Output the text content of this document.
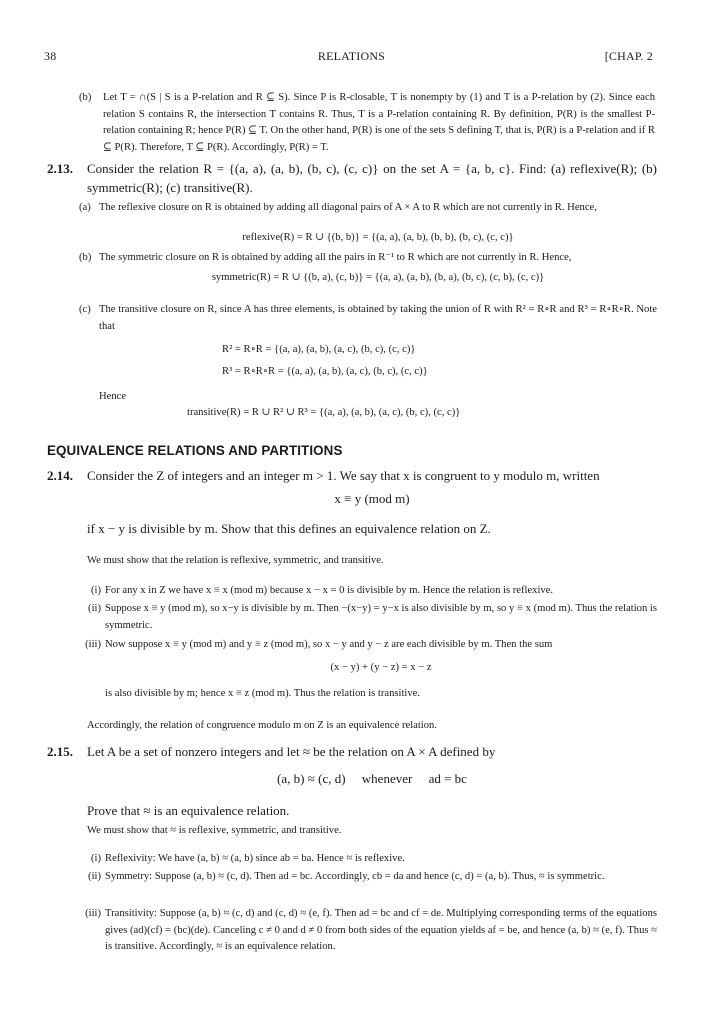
38	RELATIONS	[CHAP. 2
(b)	Let T = ∩(S | S is a P-relation and R ⊆ S). Since P is R-closable, T is nonempty by (1) and T is a P-relation by (2). Since each relation S contains R, the intersection T contains R. Thus, T is a P-relation containing R. By definition, P(R) is the smallest P-relation containing R; hence P(R) ⊆ T. On the other hand, P(R) is one of the sets S defining T, that is, P(R) is a P-relation and if R ⊆ P(R). Therefore, T ⊆ P(R). Accordingly, P(R) = T.
2.13.	Consider the relation R = {(a, a), (a, b), (b, c), (c, c)} on the set A = {a, b, c}. Find: (a) reflexive(R); (b) symmetric(R); (c) transitive(R).
(a) The reflexive closure on R is obtained by adding all diagonal pairs of A × A to R which are not currently in R. Hence,
reflexive(R) = R ∪ {(b, b)} = {(a, a), (a, b), (b, b), (b, c), (c, c)}
(b) The symmetric closure on R is obtained by adding all the pairs in R⁻¹ to R which are not currently in R. Hence,
symmetric(R) = R ∪ {(b, a), (c, b)} = {(a, a), (a, b), (b, a), (b, c), (c, b), (c, c)}
(c) The transitive closure on R, since A has three elements, is obtained by taking the union of R with R² = R∘R and R³ = R∘R∘R. Note that
R² = R∘R = {(a, a), (a, b), (a, c), (b, c), (c, c)}
R³ = R∘R∘R = {(a, a), (a, b), (a, c), (b, c), (c, c)}
Hence
transitive(R) = R ∪ R² ∪ R³ = {(a, a), (a, b), (a, c), (b, c), (c, c)}
EQUIVALENCE RELATIONS AND PARTITIONS
2.14.	Consider the Z of integers and an integer m > 1. We say that x is congruent to y modulo m, written
x ≡ y (mod m)
if x − y is divisible by m. Show that this defines an equivalence relation on Z.
We must show that the relation is reflexive, symmetric, and transitive.
(i) For any x in Z we have x ≡ x (mod m) because x − x = 0 is divisible by m. Hence the relation is reflexive.
(ii) Suppose x ≡ y (mod m), so x−y is divisible by m. Then −(x−y) = y−x is also divisible by m, so y ≡ x (mod m). Thus the relation is symmetric.
(iii) Now suppose x ≡ y (mod m) and y ≡ z (mod m), so x − y and y − z are each divisible by m. Then the sum
(x − y) + (y − z) = x − z
is also divisible by m; hence x ≡ z (mod m). Thus the relation is transitive.
Accordingly, the relation of congruence modulo m on Z is an equivalence relation.
2.15.	Let A be a set of nonzero integers and let ≈ be the relation on A × A defined by
(a, b) ≈ (c, d)     whenever     ad = bc
Prove that ≈ is an equivalence relation.
We must show that ≈ is reflexive, symmetric, and transitive.
(i) Reflexivity: We have (a, b) ≈ (a, b) since ab = ba. Hence ≈ is reflexive.
(ii) Symmetry: Suppose (a, b) ≈ (c, d). Then ad = bc. Accordingly, cb = da and hence (c, d) = (a, b). Thus, ≈ is symmetric.
(iii) Transitivity: Suppose (a, b) ≈ (c, d) and (c, d) ≈ (e, f). Then ad = bc and cf = de. Multiplying corresponding terms of the equations gives (ad)(cf) = (bc)(de). Canceling c ≠ 0 and d ≠ 0 from both sides of the equation yields af = be, and hence (a, b) ≈ (e, f). Thus ≈ is transitive. Accordingly, ≈ is an equivalence relation.
